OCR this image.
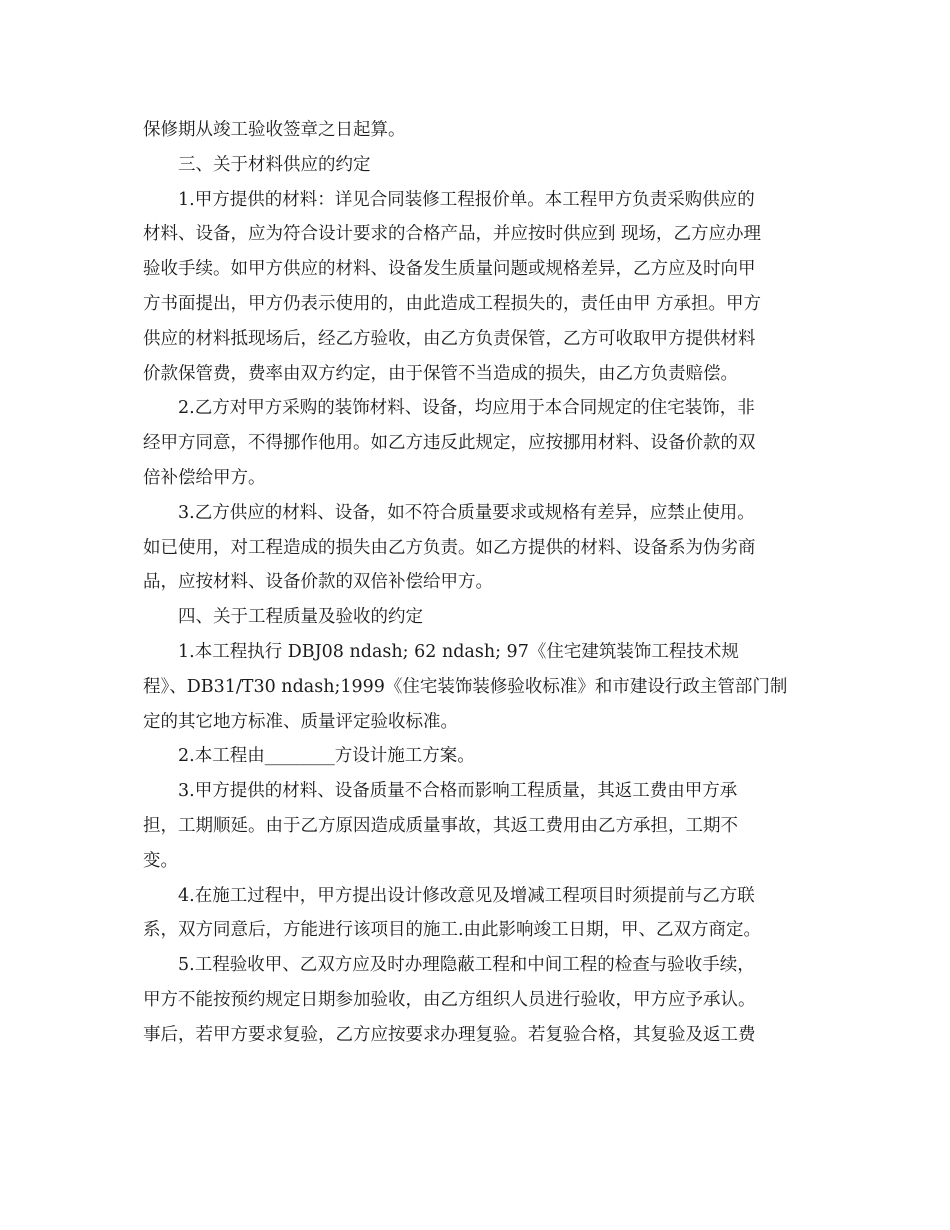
保修期从竣工验收签章之日起算。
三、关于材料供应的约定
1.甲方提供的材料：详见合同装修工程报价单。本工程甲方负责采购供应的
材料、设备，应为符合设计要求的合格产品，并应按时供应到 现场，乙方应办理
验收手续。如甲方供应的材料、设备发生质量问题或规格差异，乙方应及时向甲
方书面提出，甲方仍表示使用的，由此造成工程损失的，责任由甲 方承担。甲方
供应的材料抵现场后，经乙方验收，由乙方负责保管，乙方可收取甲方提供材料
价款保管费，费率由双方约定，由于保管不当造成的损失，由乙方负责赔偿。
2.乙方对甲方采购的装饰材料、设备，均应用于本合同规定的住宅装饰，非
经甲方同意，不得挪作他用。如乙方违反此规定，应按挪用材料、设备价款的双
倍补偿给甲方。
3.乙方供应的材料、设备，如不符合质量要求或规格有差异，应禁止使用。
如已使用，对工程造成的损失由乙方负责。如乙方提供的材料、设备系为伪劣商
品，应按材料、设备价款的双倍补偿给甲方。
四、关于工程质量及验收的约定
1.本工程执行 DBJ08 ndash; 62 ndash; 97《住宅建筑装饰工程技术规
程》、DB31/T30 ndash;1999《住宅装饰装修验收标准》和市建设行政主管部门制
定的其它地方标准、质量评定验收标准。
2.本工程由________方设计施工方案。
3.甲方提供的材料、设备质量不合格而影响工程质量，其返工费由甲方承
担，工期顺延。由于乙方原因造成质量事故，其返工费用由乙方承担，工期不
变。
4.在施工过程中，甲方提出设计修改意见及增减工程项目时须提前与乙方联
系，双方同意后，方能进行该项目的施工.由此影响竣工日期，甲、乙双方商定。
5.工程验收甲、乙双方应及时办理隐蔽工程和中间工程的检查与验收手续，
甲方不能按预约规定日期参加验收，由乙方组织人员进行验收，甲方应予承认。
事后，若甲方要求复验，乙方应按要求办理复验。若复验合格，其复验及返工费
